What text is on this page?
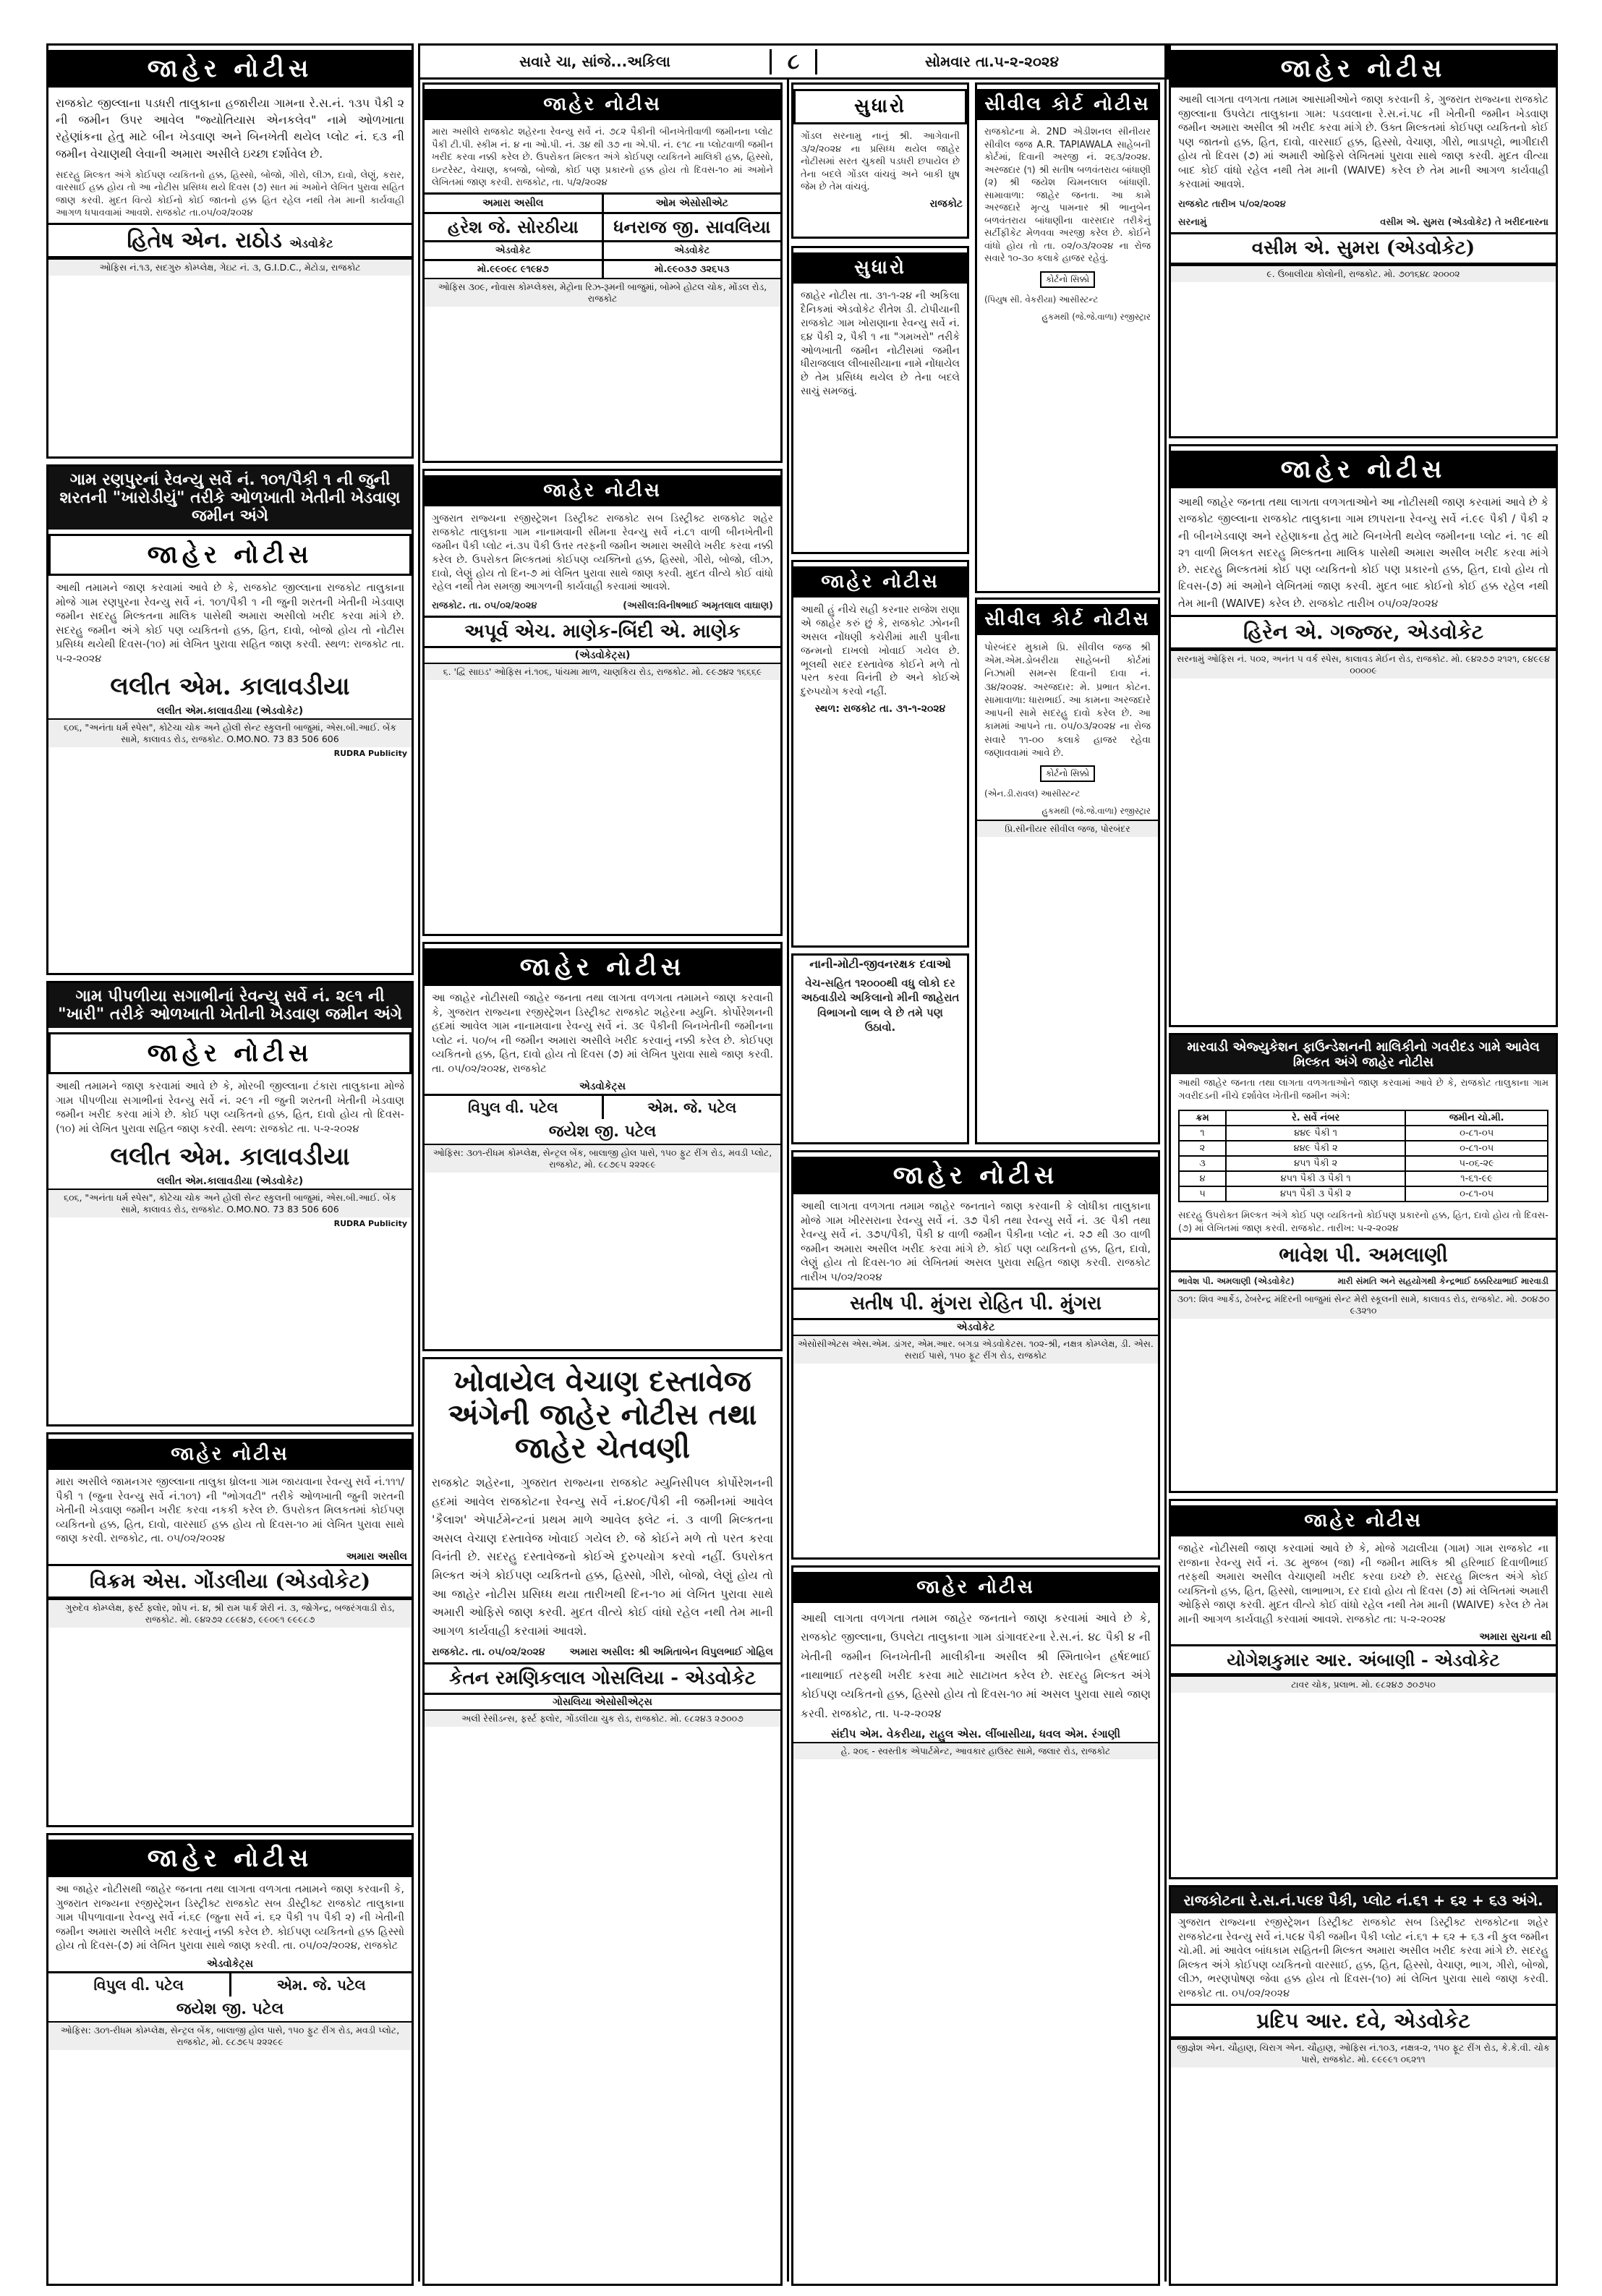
સવારે ચા, સાંજે...અકિલા	૮	સોમવાર તા.૫-૨-૨૦૨૪
જાહેર નોટીસ
રાજકોટ જીલ્લાના પડધરી તાલુકાના હજારીયા ગામના રે.સ.નં. ૧૩૫ પૈકી ૨ ની જમીન ઉપર આવેલ "જ્યોતિયાસ એનકલેવ" નામે ઓળખાતા રહેણાંકના હેતુ માટે બીન ખેડવાણ અને બિનખેતી થયેલ પ્લોટ નં. ૬૩ ની જમીન વેચાણથી લેવાની અમારા અસીલે ઇચ્છા દર્શાવેલ છે.
સદરહુ મિલ્કત અંગે કોઈપણ વ્યકિતનો હક્ક, હિસ્સો, બોજો, ગીરો, લીઝ, દાવો, લેણું, કરાર, વારસાઈ હક્ક હોય તો આ નોટીસ પ્રસિધ્ધ થયે દિવસ (૭) સાત માં અમોને લેખિત પુરાવા સહિત જાણ કરવી. મુદત વિત્યે કોઈનો કોઈ જાતનો હક્ક હિત રહેલ નથી તેમ માની કાર્યવાહી આગળ ધપાવવામાં આવશે. રાજકોટ તા.૦૫/૦૨/૨૦૨૪
હિતેષ એન. રાઠોડ એડવોકેટ
ઓફિસ નં.૧૩, સદગુરુ કોમ્પ્લેક્ષ, ગેઇટ નં. ૩, G.I.D.C., મેટોડા, રાજકોટ
ગામ રણપુરનાં રેવન્યુ સર્વે નં. ૧૦૧/પૈકી ૧ ની જુની શરતની "ખારોડીયું" તરીકે ઓળખાતી ખેતીની ખેડવાણ જમીન અંગે
જાહેર નોટીસ
આથી તમામને જાણ કરવામાં આવે છે કે, રાજકોટ જીલ્લાના રાજકોટ તાલુકાના મોજે ગામ રણપુરના રેવન્યુ સર્વે નં. ૧૦૧/પૈકી ૧ ની જુની શરતની ખેતીની ખેડવાણ જમીન સદરહુ મિલ્કતના માલિક પાસેથી અમારા અસીલો ખરીદ કરવા માંગે છે. સદરહુ જમીન અંગે કોઈ પણ વ્યકિતનો હક્ક, હિત, દાવો, બોજો હોય તો નોટીસ પ્રસિધ્ધ થયેથી દિવસ-(૧૦) માં લેખિત પુરાવા સહિત જાણ કરવી. સ્થળ: રાજકોટ તા. ૫-૨-૨૦૨૪
લલીત એમ. કાલાવડીયા
લલીત એમ.કાલાવડીયા (એડવોકેટ)
૬૦૬, "અનંતા ધર્મ સ્પેસ", કોટેચા ચોક અને હોલી સેન્ટ સ્કુલની બાજુમાં, એસ.બી.આઈ. બેંક સામે, કાલાવડ રોડ, રાજકોટ. O.MO.NO. 73 83 506 606
RUDRA Publicity
ગામ પીપળીયા સગાભીનાં રેવન્યુ સર્વે નં. ૨૯૧ ની "ખારી" તરીકે ઓળખાતી ખેતીની ખેડવાણ જમીન અંગે
જાહેર નોટીસ
આથી તમામને જાણ કરવામાં આવે છે કે, મોરબી જીલ્લાના ટંકારા તાલુકાના મોજે ગામ પીપળીયા સગાભીનાં રેવન્યુ સર્વે નં. ૨૯૧ ની જુની શરતની ખેતીની ખેડવાણ જમીન ખરીદ કરવા માંગે છે. કોઈ પણ વ્યકિતનો હક્ક, હિત, દાવો હોય તો દિવસ-(૧૦) માં લેખિત પુરાવા સહિત જાણ કરવી. સ્થળ: રાજકોટ તા. ૫-૨-૨૦૨૪
લલીત એમ. કાલાવડીયા
લલીત એમ.કાલાવડીયા (એડવોકેટ)
૬૦૬, "અનંતા ધર્મ સ્પેસ", કોટેચા ચોક અને હોલી સેન્ટ સ્કુલની બાજુમાં, એસ.બી.આઈ. બેંક સામે, કાલાવડ રોડ, રાજકોટ. O.MO.NO. 73 83 506 606
RUDRA Publicity
જાહેર નોટીસ
મારા અસીલે જામનગર જીલ્લાના તાલુકા ધ્રોલના ગામ જાયવાના રેવન્યુ સર્વે નં.૧૧૧/પૈકી ૧ (જુના રેવન્યુ સર્વે નં.૧૦૧) ની "ભોગવટી" તરીકે ઓળખાતી જુની શરતની ખેતીની ખેડવાણ જમીન ખરીદ કરવા નકકી કરેલ છે. ઉપરોકત મિલકતમાં કોઈપણ વ્યકિતનો હક્ક, હિત, દાવો, વારસાઈ હક્ક હોય તો દિવસ-૧૦ માં લેખિત પુરાવા સાથે જાણ કરવી. રાજકોટ, તા. ૦૫/૦૨/૨૦૨૪
અમારા અસીલ
વિક્રમ એસ. ગોંડલીયા (એડવોકેટ)
ગુરુદેવ કોમ્પ્લેક્ષ, ફર્સ્ટ ફ્લોર, શોપ નં. ૪, શ્રી રામ પાર્ક શેરી નં. ૩, જોગેન્દ્ર, બજરંગવાડી રોડ, રાજકોટ. મો. ૯૪૨૭૨ ૮૯૯૪૭, ૯૯૦૯૧ ૯૯૯૮૭
જાહેર નોટીસ
આ જાહેર નોટીસથી જાહેર જનતા તથા લાગતા વળગતા તમામને જાણ કરવાની કે, ગુજરાત રાજ્યના રજીસ્ટ્રેશન ડિસ્ટ્રીક્ટ રાજકોટ સબ ડીસ્ટ્રીક્ટ રાજકોટ તાલુકાના ગામ પીપળાવાના રેવન્યુ સર્વે નં.૬૯ (જુના સર્વે નં. ૬૨ પૈકી ૧૫ પૈકી ૨) ની ખેતીની જમીન અમારા અસીલે ખરીદ કરવાનું નક્કી કરેલ છે. કોઈપણ વ્યકિતનો હક્ક હિસ્સો હોય તો દિવસ-(૭) માં લેખિત પુરાવા સાથે જાણ કરવી. તા. ૦૫/૦૨/૨૦૨૪, રાજકોટ
એડવોકેટ્સ
વિપુલ વી. પટેલ	એમ. જે. પટેલ
જયેશ જી. પટેલ
ઓફિસ: ૩૦૧-રીધમ કોમ્પ્લેક્ષ, સેન્ટ્રલ બેંક, બાલાજી હોલ પાસે, ૧૫૦ ફુટ રીંગ રોડ, મવડી પ્લોટ, રાજકોટ, મો. ૯૮૭૯૫ ૨૨૨૯૯
જાહેર નોટીસ
મારા અસીલે રાજકોટ શહેરના રેવન્યુ સર્વે નં. ૭૮૨ પૈકીની બીનખેતીવાળી જમીનના પ્લોટ પૈકી ટી.પી. સ્કીમ નં. ૪ ના ઓ.પી. નં. ૩૪ થી ૩૭ ના એ.પી. નં. ૯૧૮ ના પ્લોટવાળી જમીન ખરીદ કરવા નક્કી કરેલ છે. ઉપરોકત મિલ્કત અંગે કોઈપણ વ્યકિતને માલિકી હક્ક, હિસ્સો, ઇન્ટરેસ્ટ, વેચાણ, કબજો, બોજો, કોઈ પણ પ્રકારનો હક્ક હોય તો દિવસ-૧૦ માં અમોને લેખિતમાં જાણ કરવી. રાજકોટ, તા. ૫/૨/૨૦૨૪
અમારા અસીલ	ઓમ એસોસીએટ
હરેશ જે. સોરઠીયા	ધનરાજ જી. સાવલિયા
એડવોકેટ	એડવોકેટ
મો.૯૯૦૯૮ ૯૧૯૪૭	મો.૯૯૦૩૭ ૩૨૬૫૩
ઓફિસ ૩૦૯, નોવાસ કોમ્પ્લેક્સ, મેટ્રોના રિઝ-રૂમની બાજુમાં, બોમ્બે હોટલ ચોક, મોંડલ રોડ, રાજકોટ
જાહેર નોટીસ
ગુજરાત રાજ્યના રજીસ્ટ્રેશન ડિસ્ટ્રીક્ટ રાજકોટ સબ ડિસ્ટ્રીક્ટ રાજકોટ શહેર રાજકોટ તાલુકાના ગામ નાનામવાની સીમના રેવન્યુ સર્વે નં.૮૧ વાળી બીનખેતીની જમીન પૈકી પ્લોટ નં.૩૫ પૈકી ઉત્તર તરફની જમીન અમારા અસીલે ખરીદ કરવા નક્કી કરેલ છે. ઉપરોકત મિલ્કતમાં કોઈપણ વ્યક્તિનો હક્ક, હિસ્સો, ગીરો, બોજો, લીઝ, દાવો, લેણું હોય તો દિન-૭ માં લેખિત પુરાવા સાથે જાણ કરવી. મુદત વીત્યે કોઈ વાંધો રહેલ નથી તેમ સમજી આગળની કાર્યવાહી કરવામાં આવશે.
રાજકોટ. તા. ૦૫/૦૨/૨૦૨૪	(અસીલ:વિનીષભાઈ અમૃતલાલ વાઘાણ)
અપૂર્વ એચ. માણેક-બિંદી એ. માણેક
(એડવોકેટ્સ)
૬. 'દ્વિ સાઇડ' ઓફિસ નં.૧૦૬, પાંચમા માળ, ચાણકિય રોડ, રાજકોટ. મો. ૯૯૭૪૨ ૧૬૬૬૯
જાહેર નોટીસ
આ જાહેર નોટીસથી જાહેર જનતા તથા લાગતા વળગતા તમામને જાણ કરવાની કે, ગુજરાત રાજ્યના રજીસ્ટ્રેશન ડિસ્ટ્રીક્ટ રાજકોટ શહેરના મ્યુનિ. કોર્પોરેશનની હદમાં આવેલ ગામ નાનામવાના રેવન્યુ સર્વે નં. ૩૯ પૈકીની બિનખેતીની જમીનના પ્લોટ નં. ૫૦/બ ની જમીન અમારા અસીલે ખરીદ કરવાનું નક્કી કરેલ છે. કોઈપણ વ્યકિતનો હક્ક, હિત, દાવો હોય તો દિવસ (૭) માં લેખિત પુરાવા સાથે જાણ કરવી. તા. ૦૫/૦૨/૨૦૨૪, રાજકોટ
એડવોકેટ્સ
વિપુલ વી. પટેલ	એમ. જે. પટેલ
જયેશ જી. પટેલ
ઓફિસ: ૩૦૧-રીધમ કોમ્પ્લેક્ષ, સેન્ટ્રલ બેંક, બાલાજી હોલ પાસે, ૧૫૦ ફુટ રીંગ રોડ, મવડી પ્લોટ, રાજકોટ, મો. ૯૮૭૯૫ ૨૨૨૯૯
ખોવાયેલ વેચાણ દસ્તાવેજ અંગેની જાહેર નોટીસ તથા જાહેર ચેતવણી
રાજકોટ શહેરના, ગુજરાત રાજ્યના રાજકોટ મ્યુનિસીપલ કોર્પોરેશનની હદમાં આવેલ રાજકોટના રેવન્યુ સર્વે નં.૪૦૯/પૈકી ની જમીનમાં આવેલ 'કૈલાશ' એપાર્ટમેન્ટનાં પ્રથમ માળે આવેલ ફ્લેટ નં. ૩ વાળી મિલ્કતના અસલ વેચાણ દસ્તાવેજ ખોવાઈ ગયેલ છે. જે કોઈને મળે તો પરત કરવા વિનંતી છે. સદરહુ દસ્તાવેજનો કોઈએ દુરુપયોગ કરવો નહીં. ઉપરોકત મિલ્કત અંગે કોઈપણ વ્યકિતનો હક્ક, હિસ્સો, ગીરો, બોજો, લેણું હોય તો આ જાહેર નોટીસ પ્રસિધ્ધ થયા તારીખથી દિન-૧૦ માં લેખિત પુરાવા સાથે અમારી ઓફિસે જાણ કરવી. મુદત વીત્યે કોઈ વાંધો રહેલ નથી તેમ માની આગળ કાર્યવાહી કરવામાં આવશે.
રાજકોટ. તા. ૦૫/૦૨/૨૦૨૪ અમારા અસીલ: શ્રી અમિતાબેન વિપુલભાઈ ગોહિલ
કેતન રમણિકલાલ ગોસલિયા - એડવોકેટ
ગોસલિયા એસોસીએટ્સ
અલી રેસીડન્સ, ફર્સ્ટ ફ્લોર, ગોંડલીયા ચુક રોડ, રાજકોટ. મો. ૯૮૨૪૩ ૨૭૦૦૭
સુધારો
ગોંડલ સરનામુ નાનું શ્રી. આગેવાની ૩/૨/૨૦૨૪ ના પ્રસિધ્ધ થયેલ જાહેર નોટીસમાં સરત ચુકથી પડધરી છપાયેલ છે તેના બદલે ગોંડલ વાંચવું અને બાકી ઘુષ જેમ છે તેમ વાંચવું.
રાજકોટ
સીવીલ કોર્ટ નોટીસ
રાજકોટના મે. 2ND એડીશનલ સીનીયર સીવીલ જજ A.R. TAPIAWALA સાહેબની કોર્ટમાં, દિવાની અરજી નં. ૨૬૩/૨૦૨૪. અરજદાર (૧) શ્રી સતીષ બળવંતરાય બાંધાણી (૨) શ્રી જયેશ ચિમનલાલ બાંધાણી. સામાવાળા: જાહેર જનતા. આ કામે અરજદારે મૃત્યુ પામનાર શ્રી ભાનુબેન બળવંતરાય બાંધાણીના વારસદાર તરીકેનું સર્ટીફીકેટ મેળવવા અરજી કરેલ છે. કોઈને વાંધો હોય તો તા. ૦૨/૦૩/૨૦૨૪ ના રોજ સવારે ૧૦-૩૦ કલાકે હાજર રહેવું.
કોર્ટનો સિક્કો
(પિયુષ સી. વેકરીયા) આસીસ્ટન્ટ
હુકમથી (જે.જે.વાળા) રજીસ્ટ્રાર
સુધારો
જાહેર નોટીસ તા. ૩૧-૧-૨૪ ની અકિલા દૈનિકમાં એડવોકેટ રીતેશ ડી. ટોપીયાની રાજકોટ ગામ ખોરાણાના રેવન્યુ સર્વે નં. ૬૪ પૈકી ૨, પૈકી ૧ ના "ગમખરો" તરીકે ઓળખાતી જમીન નોટીસમાં જમીન ધીરાજલાલ લીબાસીયાના નામે નોંધાયેલ છે તેમ પ્રસિધ્ધ થયેલ છે તેના બદલે સાચું સમજવું.
જાહેર નોટીસ
આથી હું નીચે સહી કરનાર રાજેશ રાણા એ જાહેર કરું છું કે, રાજકોટ ઝોનની અસલ નોંધણી કચેરીમાં મારી પુત્રીના જન્મનો દાખલો ખોવાઈ ગયેલ છે. ભૂલથી સદર દસ્તાવેજ કોઈને મળે તો પરત કરવા વિનંતી છે અને કોઈએ દુરુપયોગ કરવો નહીં.
સ્થળ: રાજકોટ તા. ૩૧-૧-૨૦૨૪
સીવીલ કોર્ટ નોટીસ
પોરબંદર મુકામે પ્રિ. સીવીલ જજ શ્રી એમ.એમ.ડોબરીયા સાહેબની કોર્ટમાં નિઝામી સમન્સ દિવાની દાવા નં. ૩૪/૨૦૨૪. અરજદાર: મે. પ્રભાત કોટન. સામાવાળા: ધારાભાઈ. આ કામના અરજદારે આપની સામે સદરહુ દાવો કરેલ છે. આ કામમાં આપને તા. ૦૫/૦૩/૨૦૨૪ ના રોજ સવારે ૧૧-૦૦ કલાકે હાજર રહેવા જણાવવામાં આવે છે.
કોર્ટનો સિક્કો
(એન.ડી.રાવલ) આસીસ્ટન્ટ
હુકમથી (જે.જે.વાળા) રજીસ્ટ્રાર
પ્રિ.સીનીયર સીવીલ જજ, પોરબંદર
નાની-મોટી-જીવનરક્ષક દવાઓ
વેચ-સહિત ૧૨૦૦૦થી વધુ લોકો દર અઠવાડીયે અકિલાનો મીની જાહેરાત વિભાગનો લાભ લે છે તમે પણ ઉઠાવો.
જાહેર નોટીસ
આથી લાગતા વળગતા તમામ જાહેર જનતાને જાણ કરવાની કે લોધીકા તાલુકાના મોજે ગામ ખીરસરાના રેવન્યુ સર્વે નં. ૩૭ પૈકી તથા રેવન્યુ સર્વે નં. ૩૯ પૈકી તથા રેવન્યુ સર્વે નં. ૩૭૫/પૈકી, પૈકી ૪ વાળી જમીન પૈકીના પ્લોટ નં. ૨૭ થી ૩૦ વાળી જમીન અમારા અસીલ ખરીદ કરવા માંગે છે. કોઈ પણ વ્યકિતનો હક્ક, હિત, દાવો, લેણું હોય તો દિવસ-૧૦ માં લેખિતમાં અસલ પુરાવા સહિત જાણ કરવી. રાજકોટ તારીખ ૫/૦૨/૨૦૨૪
સતીષ પી. મુંગરા રોહિત પી. મુંગરા
એડવોકેટ
એસોસીએટસ એસ.એમ. ડાંગર, એમ.આર. બગડા એડવોકેટસ. ૧૦૨-શ્રી, નક્ષત્ર કોમ્પ્લેક્ષ, ડી. એસ. સરાઈ પાસે, ૧૫૦ ફૂટ રીંગ રોડ, રાજકોટ
જાહેર નોટીસ
આથી લાગતા વળગતા તમામ જાહેર જનતાને જાણ કરવામાં આવે છે કે, રાજકોટ જીલ્લાના, ઉપલેટા તાલુકાના ગામ ડાંગાવદરના રે.સ.નં. ૪૮ પૈકી ૪ ની ખેતીની જમીન બિનખેતીની માલીકીના અસીલ શ્રી સ્મિતાબેન હર્ષદભાઈ નાથાભાઈ તરફથી ખરીદ કરવા માટે સાટાખત કરેલ છે. સદરહુ મિલ્કત અંગે કોઈપણ વ્યકિતનો હક્ક, હિસ્સો હોય તો દિવસ-૧૦ માં અસલ પુરાવા સાથે જાણ કરવી. રાજકોટ, તા. ૫-૨-૨૦૨૪
સંદીપ એમ. વેકરીયા, રાહુલ એસ. લીંબાસીયા, ધવલ એમ. રંગાણી
હે. ૨૦૬ - સ્વસ્તીક એપાર્ટમેન્ટ, આવકાર હાઉસ્ટ સામે, જલાર રોડ, રાજકોટ
જાહેર નોટીસ
આથી લાગતા વળગતા તમામ આસામીઓને જાણ કરવાની કે, ગુજરાત રાજ્યના રાજકોટ જીલ્લાના ઉપલેટા તાલુકાના ગામ: પડવલાના રે.સ.નં.૫૮ ની ખેતીની જમીન ખેડવાણ જમીન અમારા અસીલ શ્રી ખરીદ કરવા માંગે છે. ઉક્ત મિલ્કતમાં કોઈપણ વ્યકિતનો કોઈ પણ જાતનો હક્ક, હિત, દાવો, વારસાઈ હક્ક, હિસ્સો, વેચાણ, ગીરો, ભાડાપટ્ટો, ભાગીદારી હોય તો દિવસ (૭) માં અમારી ઓફિસે લેખિતમાં પુરાવા સાથે જાણ કરવી. મુદત વીત્યા બાદ કોઈ વાંધો રહેલ નથી તેમ માની (WAIVE) કરેલ છે તેમ માની આગળ કાર્યવાહી કરવામાં આવશે.
રાજકોટ તારીખ ૫/૦૨/૨૦૨૪
સરનામું	વસીમ એ. સુમરા (એડવોકેટ) તે ખરીદનારના
વસીમ એ. સુમરા (એડવોકેટ)
૯. ઉબાલીયા કોલોની, રાજકોટ. મો. ૭૦૧૬૪૮ ૨૦૦૦૨
જાહેર નોટીસ
આથી જાહેર જનતા તથા લાગતા વળગતાઓને આ નોટીસથી જાણ કરવામાં આવે છે કે રાજકોટ જીલ્લાના રાજકોટ તાલુકાના ગામ છાપરાના રેવન્યુ સર્વે નં.૯૯ પૈકી / પૈકી ૨ ની બીનખેડવાણ અને રહેણાકના હેતુ માટે બિનખેતી થયેલ જમીનના પ્લોટ નં. ૧૯ થી ૨૧ વાળી મિલકત સદરહુ મિલ્કતના માલિક પાસેથી અમારા અસીલ ખરીદ કરવા માંગે છે. સદરહુ મિલ્કતમાં કોઈ પણ વ્યકિતનો કોઈ પણ પ્રકારનો હક્ક, હિત, દાવો હોય તો દિવસ-(૭) માં અમોને લેખિતમાં જાણ કરવી. મુદત બાદ કોઈનો કોઈ હક્ક રહેલ નથી તેમ માની (WAIVE) કરેલ છે. રાજકોટ તારીખ ૦૫/૦૨/૨૦૨૪
હિરેન એ. ગજ્જર, એડવોકેટ
સરનામું ઓફિસ નં. ૫૦૨, અનંત ૫ વર્ક સ્પેસ, કાલાવડ મેઈન રોડ, રાજકોટ. મો. ૯૪૨૭૭ ૨૧૨૧, ૯૪૯૯૪ ૦૦૦૦૯
મારવાડી એજ્યુકેશન ફાઉન્ડેશનની માલિકીનો ગવરીદડ ગામે આવેલ મિલ્કત અંગે જાહેર નોટીસ
આથી જાહેર જનતા તથા લાગતા વળગતાઓને જાણ કરવામાં આવે છે કે, રાજકોટ તાલુકાના ગામ ગવરીદડની નીચે દર્શાવેલ ખેતીની જમીન અંગે:
ક્રમ	રે. સર્વે નંબર	જમીન ચો.મી.
૧	૪૪૯ પૈકી ૧	૦-૮૧-૦૫
૨	૪૪૯ પૈકી ૨	૦-૮૧-૦૫
૩	૪૫૧ પૈકી ૨	૫-૦૬-૨૯
૪	૪૫૧ પૈકી ૩ પૈકી ૧	૧-૬૧-૯૯
૫	૪૫૧ પૈકી ૩ પૈકી ૨	૦-૮૧-૦૫
સદરહુ ઉપરોક્ત મિલ્કત અંગે કોઈ પણ વ્યકિતનો કોઈપણ પ્રકારનો હક્ક, હિત, દાવો હોય તો દિવસ-(૭) માં લેખિતમાં જાણ કરવી. રાજકોટ. તારીખ: ૫-૨-૨૦૨૪
ભાવેશ પી. અમલાણી
ભાવેશ પી. અમલાણી (એડવોકેટ)	મારી સંમતિ અને સહયોગથી કેન્દ્રભાઈ ઠક્કરિયાભાઈ મારવાડી
૩૦૧: શિવ આર્કેડ, ઢેબરેન્દ્ર મંદિરની બાજુમાં સેન્ટ મેરી સ્કૂલની સામે, કાલાવડ રોડ, રાજકોટ. મો. ૭૦૪૭૦ ૯૩૨૧૦
જાહેર નોટીસ
જાહેર નોટીસથી જાણ કરવામાં આવે છે કે, મોજે ગઢાલીયા (ગામ) ગામ રાજકોટ ના રાજાના રેવન્યુ સર્વે નં. ૩૮ મુજબ (જા) ની જમીન માલિક શ્રી હરિભાઈ દિવાળીભાઈ તરફથી અમારા અસીલ વેચાણથી ખરીદ કરવા ઇચ્છે છે. સદરહુ મિલ્કત અંગે કોઈ વ્યક્તિનો હક્ક, હિત, હિસ્સો, લાભાભાગ, દર દાવો હોય તો દિવસ (૭) માં લેખિતમાં અમારી ઓફિસે જાણ કરવી. મુદત વીત્યે કોઈ વાંધો રહેલ નથી તેમ માની (WAIVE) કરેલ છે તેમ માની આગળ કાર્યવાહી કરવામાં આવશે. રાજકોટ તા: ૫-૨-૨૦૨૪
અમારા સુચના થી
યોગેશકુમાર આર. અંબાણી - એડવોકેટ
ટાવર ચોક, પ્રલાભ. મો. ૯૮૨૪૭ ૭૦૭૫૦
રાજકોટના રે.સ.નં.૫૯૪ પૈકી, પ્લોટ નં.૬૧ + ૬૨ + ૬૩ અંગે.
ગુજરાત રાજ્યના રજીસ્ટ્રેશન ડિસ્ટ્રીક્ટ રાજકોટ સબ ડિસ્ટ્રીક્ટ રાજકોટના શહેર રાજકોટના રેવન્યુ સર્વે નં.૫૯૪ પૈકી જમીન પૈકી પ્લોટ નં.૬૧ + ૬૨ + ૬૩ ની કુલ જમીન ચો.મી. માં આવેલ બાંધકામ સહિતની મિલ્કત અમારા અસીલ ખરીદ કરવા માંગે છે. સદરહુ મિલ્કત અંગે કોઈપણ વ્યકિતનો વારસાઈ, હક્ક, હિત, હિસ્સો, વેચાણ, ભાગ, ગીરો, બોજો, લીઝ, ભરણપોષણ જેવા હક્ક હોય તો દિવસ-(૧૦) માં લેખિત પુરાવા સાથે જાણ કરવી. રાજકોટ તા. ૦૫/૦૨/૨૦૨૪
પ્રદિપ આર. દવે, એડવોકેટ
જીજ્ઞેશ એન. ચૌહાણ, ચિરાગ એન. ચૌહાણ, ઓફિસ નં.૧૦૩, નક્ષત્ર-૨, ૧૫૦ ફૂટ રીંગ રોડ, કે.કે.વી. ચોક પાસે, રાજકોટ. મો. ૯૯૯૯૧ ૦૬૨૧૧
